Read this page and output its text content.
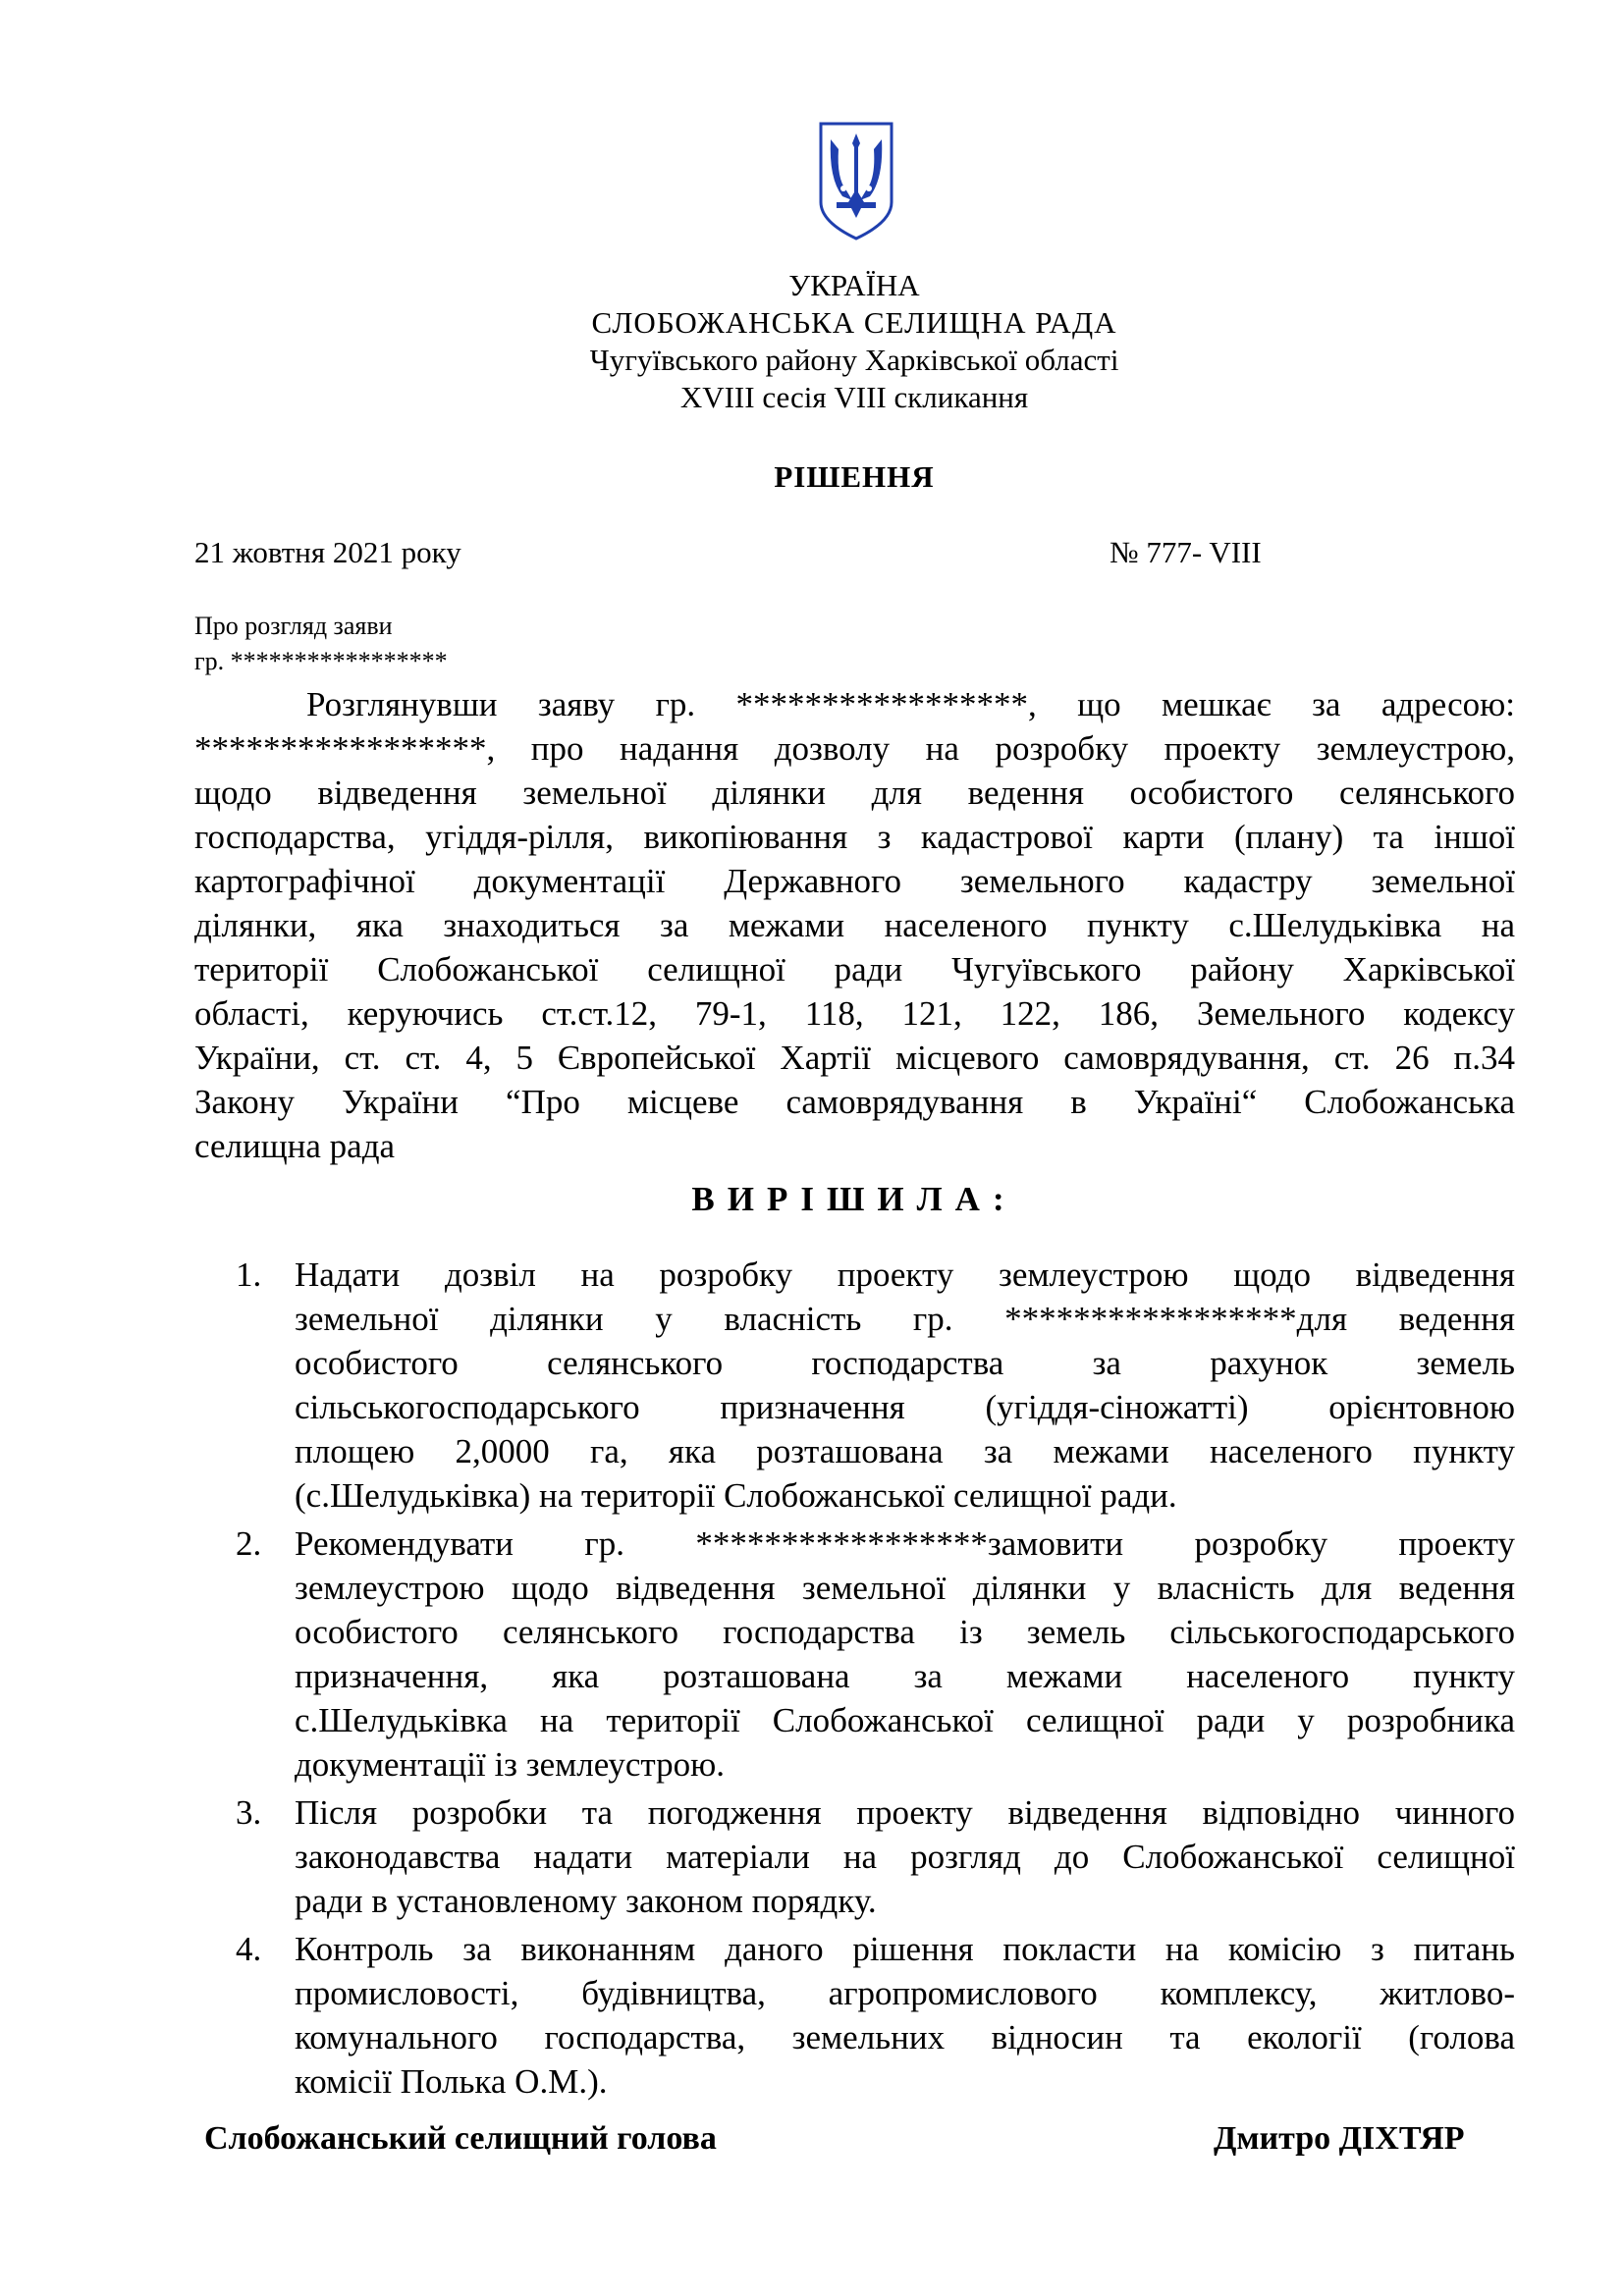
УКРАЇНА
СЛОБОЖАНСЬКА СЕЛИЩНА РАДА
Чугуївського району Харківської області
XVIII сесія VIII скликання
РІШЕННЯ
21 жовтня 2021 року	№ 777- VIII
Про розгляд заяви
гр. *****************
Розглянувши заяву гр. *****************, що мешкає за адресою:
*****************, про надання дозволу на розробку проекту землеустрою,
щодо відведення земельної ділянки для ведення особистого селянського
господарства, угіддя-рілля, викопіювання з кадастрової карти (плану) та іншої
картографічної документації Державного земельного кадастру земельної
ділянки, яка знаходиться за межами населеного пункту с.Шелудьківка на
території Слобожанської селищної ради Чугуївського району Харківської
області, керуючись ст.ст.12, 79-1, 118, 121, 122, 186, Земельного кодексу
України, ст. ст. 4, 5 Європейської Хартії місцевого самоврядування, ст. 26 п.34
Закону України “Про місцеве самоврядування в Україні“ Слобожанська
селищна рада
ВИРІШИЛА:
1. Надати дозвіл на розробку проекту землеустрою щодо відведення
земельної ділянки у власність гр. *****************для ведення
особистого селянського господарства за рахунок земель
сільськогосподарського призначення (угіддя-сіножатті) орієнтовною
площею 2,0000 га, яка розташована за межами населеного пункту
(с.Шелудьківка) на території Слобожанської селищної ради.
2. Рекомендувати гр. *****************замовити розробку проекту
землеустрою щодо відведення земельної ділянки у власність для ведення
особистого селянського господарства із земель сільськогосподарського
призначення, яка розташована за межами населеного пункту
с.Шелудьківка на території Слобожанської селищної ради у розробника
документації із землеустрою.
3. Після розробки та погодження проекту відведення відповідно чинного
законодавства надати матеріали на розгляд до Слобожанської селищної
ради в установленому законом порядку.
4. Контроль за виконанням даного рішення покласти на комісію з питань
промисловості, будівництва, агропромислового комплексу, житлово-
комунального господарства, земельних відносин та екології (голова
комісії Полька О.М.).
Слобожанський селищний голова	Дмитро ДІХТЯР
